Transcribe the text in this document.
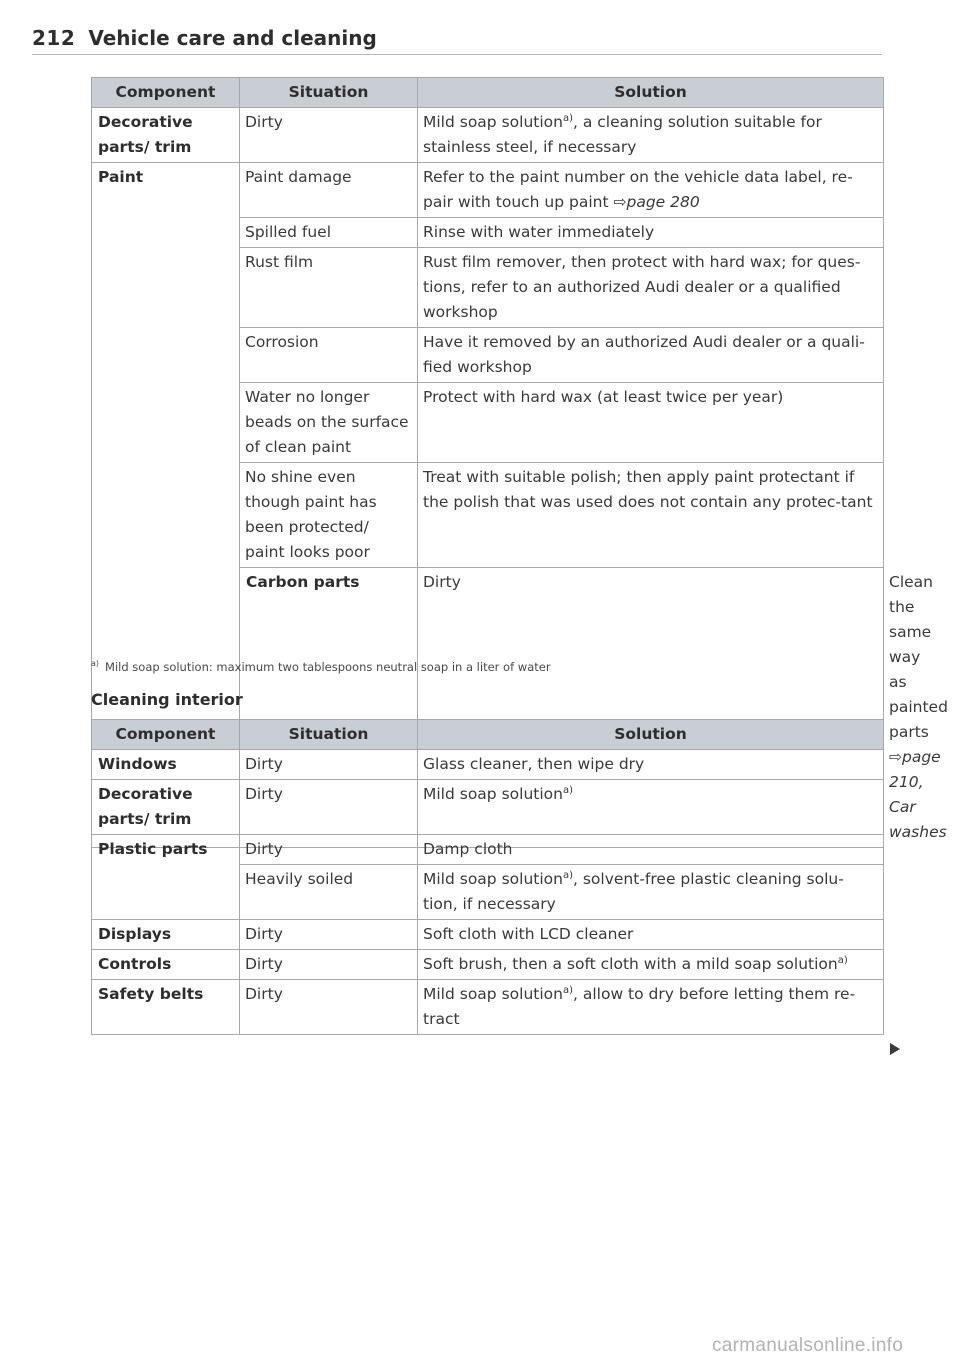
212 Vehicle care and cleaning
Component	Situation	Solution	
Decorative parts/ trim	Dirty	Mild soap solution$^{a)}$, a cleaning solution suitable for stainless steel, if necessary	
Paint	Paint damage	Refer to the paint number on the vehicle data label, re-pair with touch up paint ⇨page 280	
	Spilled fuel	Rinse with water immediately	
	Rust film	Rust film remover, then protect with hard wax; for ques-tions, refer to an authorized Audi dealer or a qualified workshop	
	Corrosion	Have it removed by an authorized Audi dealer or a quali-fied workshop	
	Water no longer beads on the surface of clean paint	Protect with hard wax (at least twice per year)	
	No shine even though paint has been protected/ paint looks poor	Treat with suitable polish; then apply paint protectant if the polish that was used does not contain any protec-tant	
	Carbon parts	Dirty	Clean the same way as painted parts ⇨page 210, Car washes
$^{a)}$ Mild soap solution: maximum two tablespoons neutral soap in a liter of water
Cleaning interior
Component	Situation	Solution
Windows	Dirty	Glass cleaner, then wipe dry
Decorative parts/ trim	Dirty	Mild soap solution$^{a)}$
Plastic parts	Dirty	Damp cloth
	Heavily soiled	Mild soap solution$^{a)}$, solvent-free plastic cleaning solu-tion, if necessary
Displays	Dirty	Soft cloth with LCD cleaner
Controls	Dirty	Soft brush, then a soft cloth with a mild soap solution$^{a)}$
Safety belts	Dirty	Mild soap solution$^{a)}$, allow to dry before letting them re-tract
carmanualsonline.info
